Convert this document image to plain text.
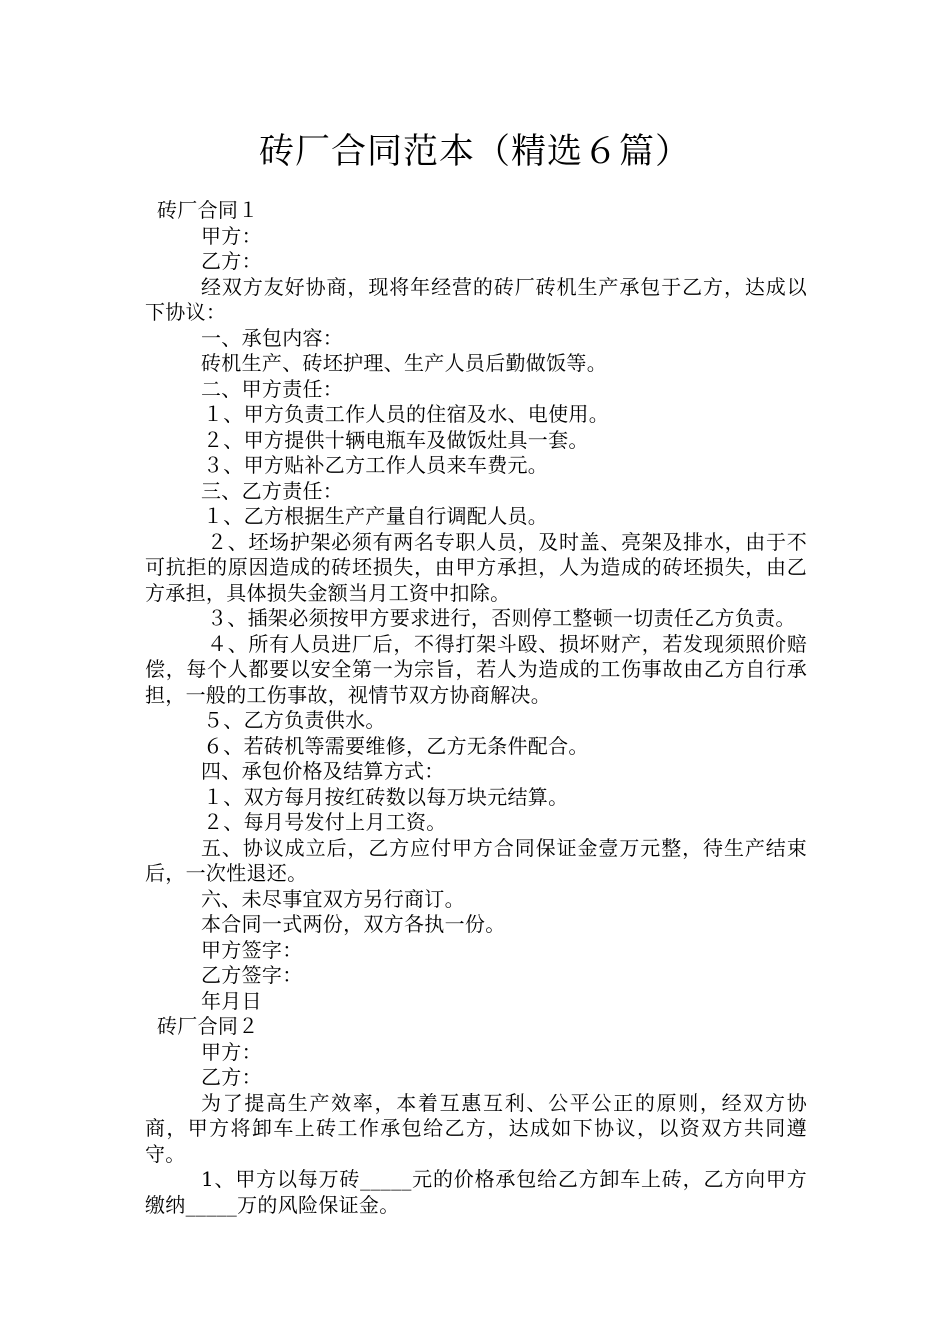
砖厂合同范本（精选６篇）

砖厂合同１

甲方：

乙方：

经双方友好协商，现将年经营的砖厂砖机生产承包于乙方，达成以下协议：

一、承包内容：

砖机生产、砖坯护理、生产人员后勤做饭等。

二、甲方责任：

１、甲方负责工作人员的住宿及水、电使用。

２、甲方提供十辆电瓶车及做饭灶具一套。

３、甲方贴补乙方工作人员来车费元。

三、乙方责任：

１、乙方根据生产产量自行调配人员。

２、坯场护架必须有两名专职人员，及时盖、亮架及排水，由于不可抗拒的原因造成的砖坯损失，由甲方承担，人为造成的砖坯损失，由乙方承担，具体损失金额当月工资中扣除。

３、插架必须按甲方要求进行，否则停工整顿一切责任乙方负责。

４、所有人员进厂后，不得打架斗殴、损坏财产，若发现须照价赔偿，每个人都要以安全第一为宗旨，若人为造成的工伤事故由乙方自行承担，一般的工伤事故，视情节双方协商解决。

５、乙方负责供水。

６、若砖机等需要维修，乙方无条件配合。

四、承包价格及结算方式：

１、双方每月按红砖数以每万块元结算。

２、每月号发付上月工资。

五、协议成立后，乙方应付甲方合同保证金壹万元整，待生产结束后，一次性退还。

六、未尽事宜双方另行商订。

本合同一式两份，双方各执一份。

甲方签字：

乙方签字：

年月日

砖厂合同２

甲方：

乙方：

为了提高生产效率，本着互惠互利、公平公正的原则，经双方协商，甲方将卸车上砖工作承包给乙方，达成如下协议，以资双方共同遵守。

1、甲方以每万砖_____元的价格承包给乙方卸车上砖，乙方向甲方缴纳_____万的风险保证金。
